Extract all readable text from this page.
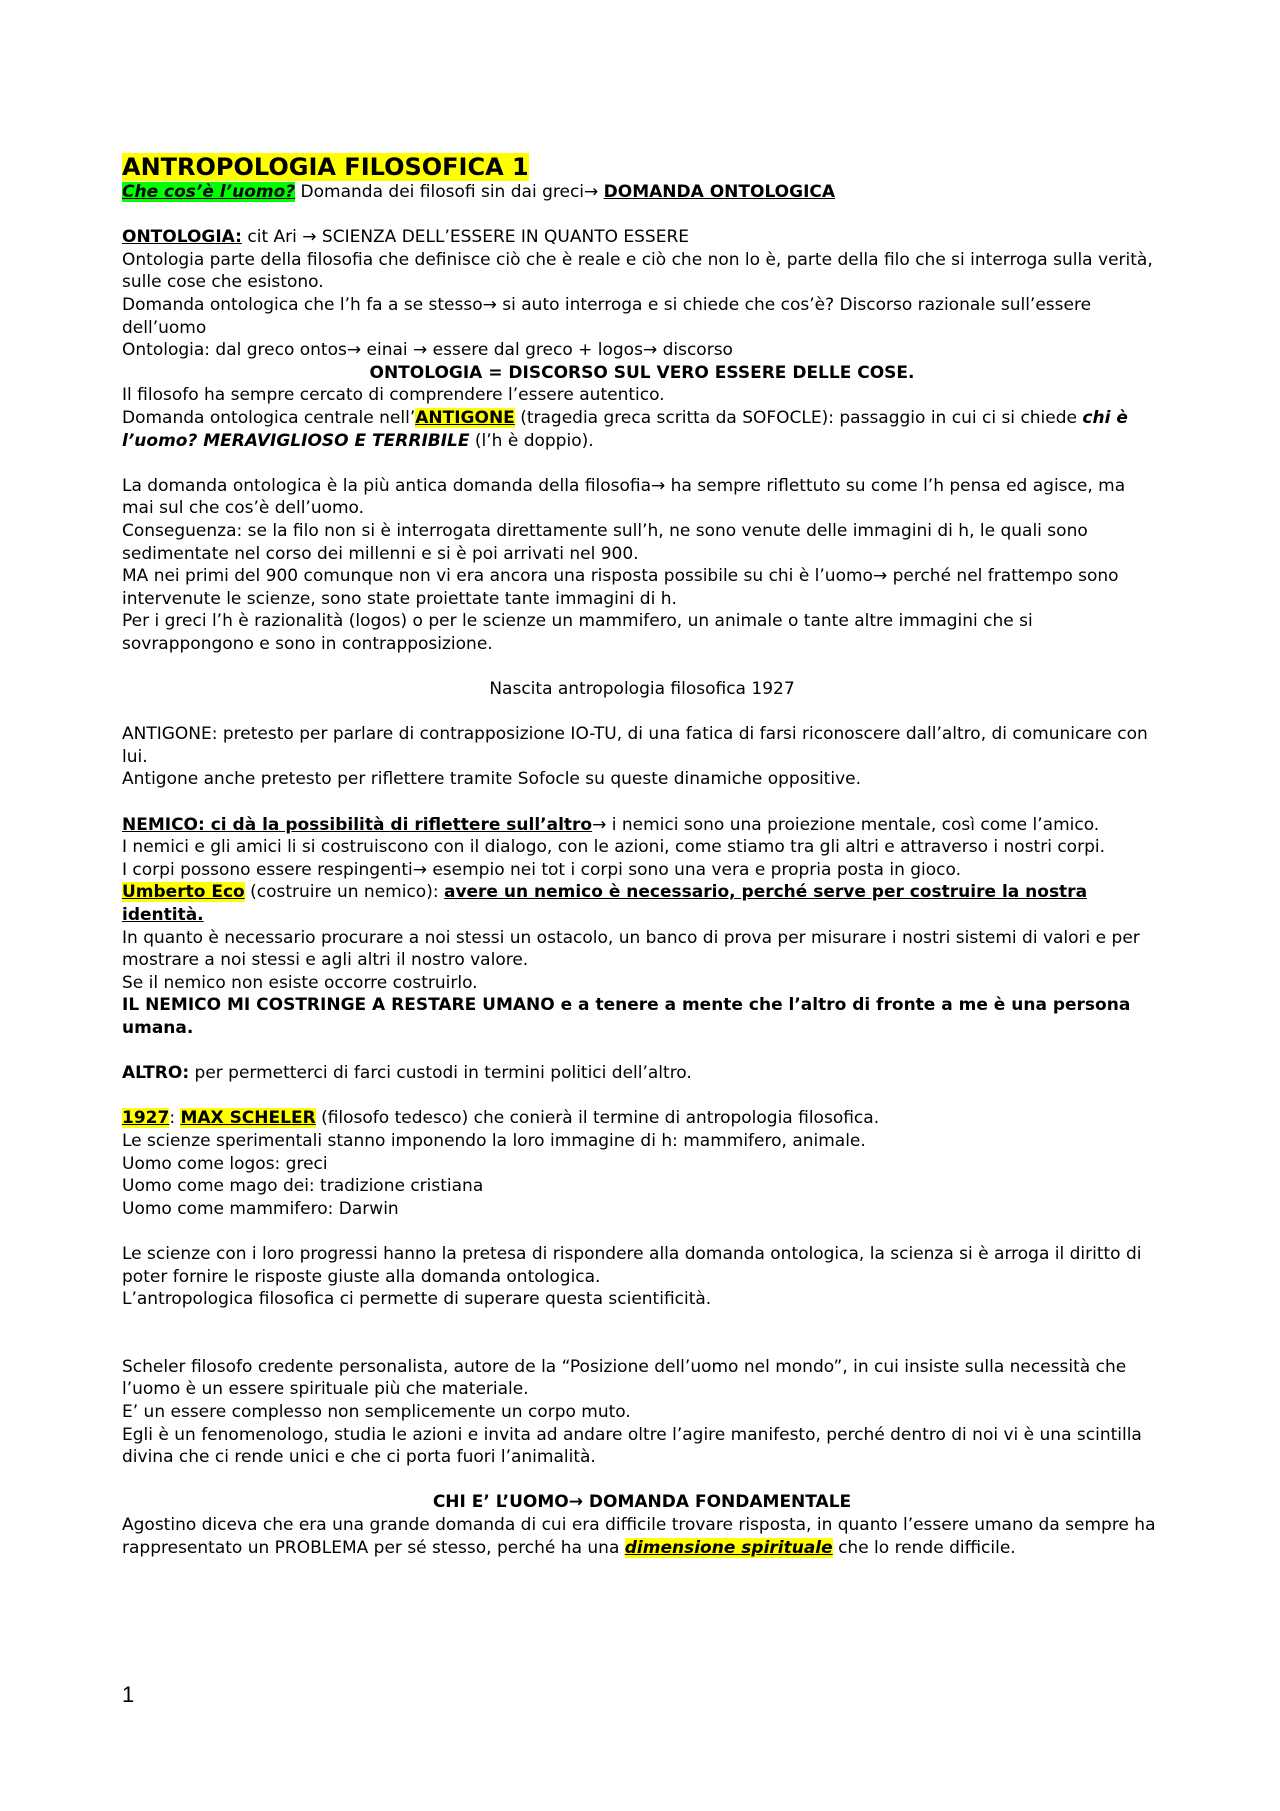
ANTROPOLOGIA FILOSOFICA 1

Che cos’è l’uomo? Domanda dei filosofi sin dai greci→ DOMANDA ONTOLOGICA

ONTOLOGIA: cit Ari → SCIENZA DELL’ESSERE IN QUANTO ESSERE

Ontologia parte della filosofia che definisce ciò che è reale e ciò che non lo è, parte della filo che si interroga sulla verità, sulle cose che esistono.

Domanda ontologica che l’h fa a se stesso→ si auto interroga e si chiede che cos’è? Discorso razionale sull’essere dell’uomo

Ontologia: dal greco ontos→ einai → essere dal greco + logos→ discorso

ONTOLOGIA = DISCORSO SUL VERO ESSERE DELLE COSE.

Il filosofo ha sempre cercato di comprendere l’essere autentico.

Domanda ontologica centrale nell’ANTIGONE (tragedia greca scritta da SOFOCLE): passaggio in cui ci si chiede chi è l’uomo? MERAVIGLIOSO E TERRIBILE (l’h è doppio).

La domanda ontologica è la più antica domanda della filosofia→ ha sempre riflettuto su come l’h pensa ed agisce, ma mai sul che cos’è dell’uomo.

Conseguenza: se la filo non si è interrogata direttamente sull’h, ne sono venute delle immagini di h, le quali sono sedimentate nel corso dei millenni e si è poi arrivati nel 900.

MA nei primi del 900 comunque non vi era ancora una risposta possibile su chi è l’uomo→ perché nel frattempo sono intervenute le scienze, sono state proiettate tante immagini di h.

Per i greci l’h è razionalità (logos) o per le scienze un mammifero, un animale o tante altre immagini che si sovrappongono e sono in contrapposizione.

Nascita antropologia filosofica 1927

ANTIGONE: pretesto per parlare di contrapposizione IO-TU, di una fatica di farsi riconoscere dall’altro, di comunicare con lui.

Antigone anche pretesto per riflettere tramite Sofocle su queste dinamiche oppositive.

NEMICO: ci dà la possibilità di riflettere sull’altro→ i nemici sono una proiezione mentale, così come l’amico.

I nemici e gli amici li si costruiscono con il dialogo, con le azioni, come stiamo tra gli altri e attraverso i nostri corpi.

I corpi possono essere respingenti→ esempio nei tot i corpi sono una vera e propria posta in gioco.

Umberto Eco (costruire un nemico): avere un nemico è necessario, perché serve per costruire la nostra identità.

In quanto è necessario procurare a noi stessi un ostacolo, un banco di prova per misurare i nostri sistemi di valori e per mostrare a noi stessi e agli altri il nostro valore.

Se il nemico non esiste occorre costruirlo.

IL NEMICO MI COSTRINGE A RESTARE UMANO e a tenere a mente che l’altro di fronte a me è una persona umana.

ALTRO: per permetterci di farci custodi in termini politici dell’altro.

1927: MAX SCHELER (filosofo tedesco) che conierà il termine di antropologia filosofica.

Le scienze sperimentali stanno imponendo la loro immagine di h: mammifero, animale.

Uomo come logos: greci

Uomo come mago dei: tradizione cristiana

Uomo come mammifero: Darwin

Le scienze con i loro progressi hanno la pretesa di rispondere alla domanda ontologica, la scienza si è arroga il diritto di poter fornire le risposte giuste alla domanda ontologica.

L’antropologica filosofica ci permette di superare questa scientificità.

Scheler filosofo credente personalista, autore de la “Posizione dell’uomo nel mondo”, in cui insiste sulla necessità che l’uomo è un essere spirituale più che materiale.

E’ un essere complesso non semplicemente un corpo muto.

Egli è un fenomenologo, studia le azioni e invita ad andare oltre l’agire manifesto, perché dentro di noi vi è una scintilla divina che ci rende unici e che ci porta fuori l’animalità.

CHI E’ L’UOMO→ DOMANDA FONDAMENTALE

Agostino diceva che era una grande domanda di cui era difficile trovare risposta, in quanto l’essere umano da sempre ha rappresentato un PROBLEMA per sé stesso, perché ha una dimensione spirituale che lo rende difficile.

1
